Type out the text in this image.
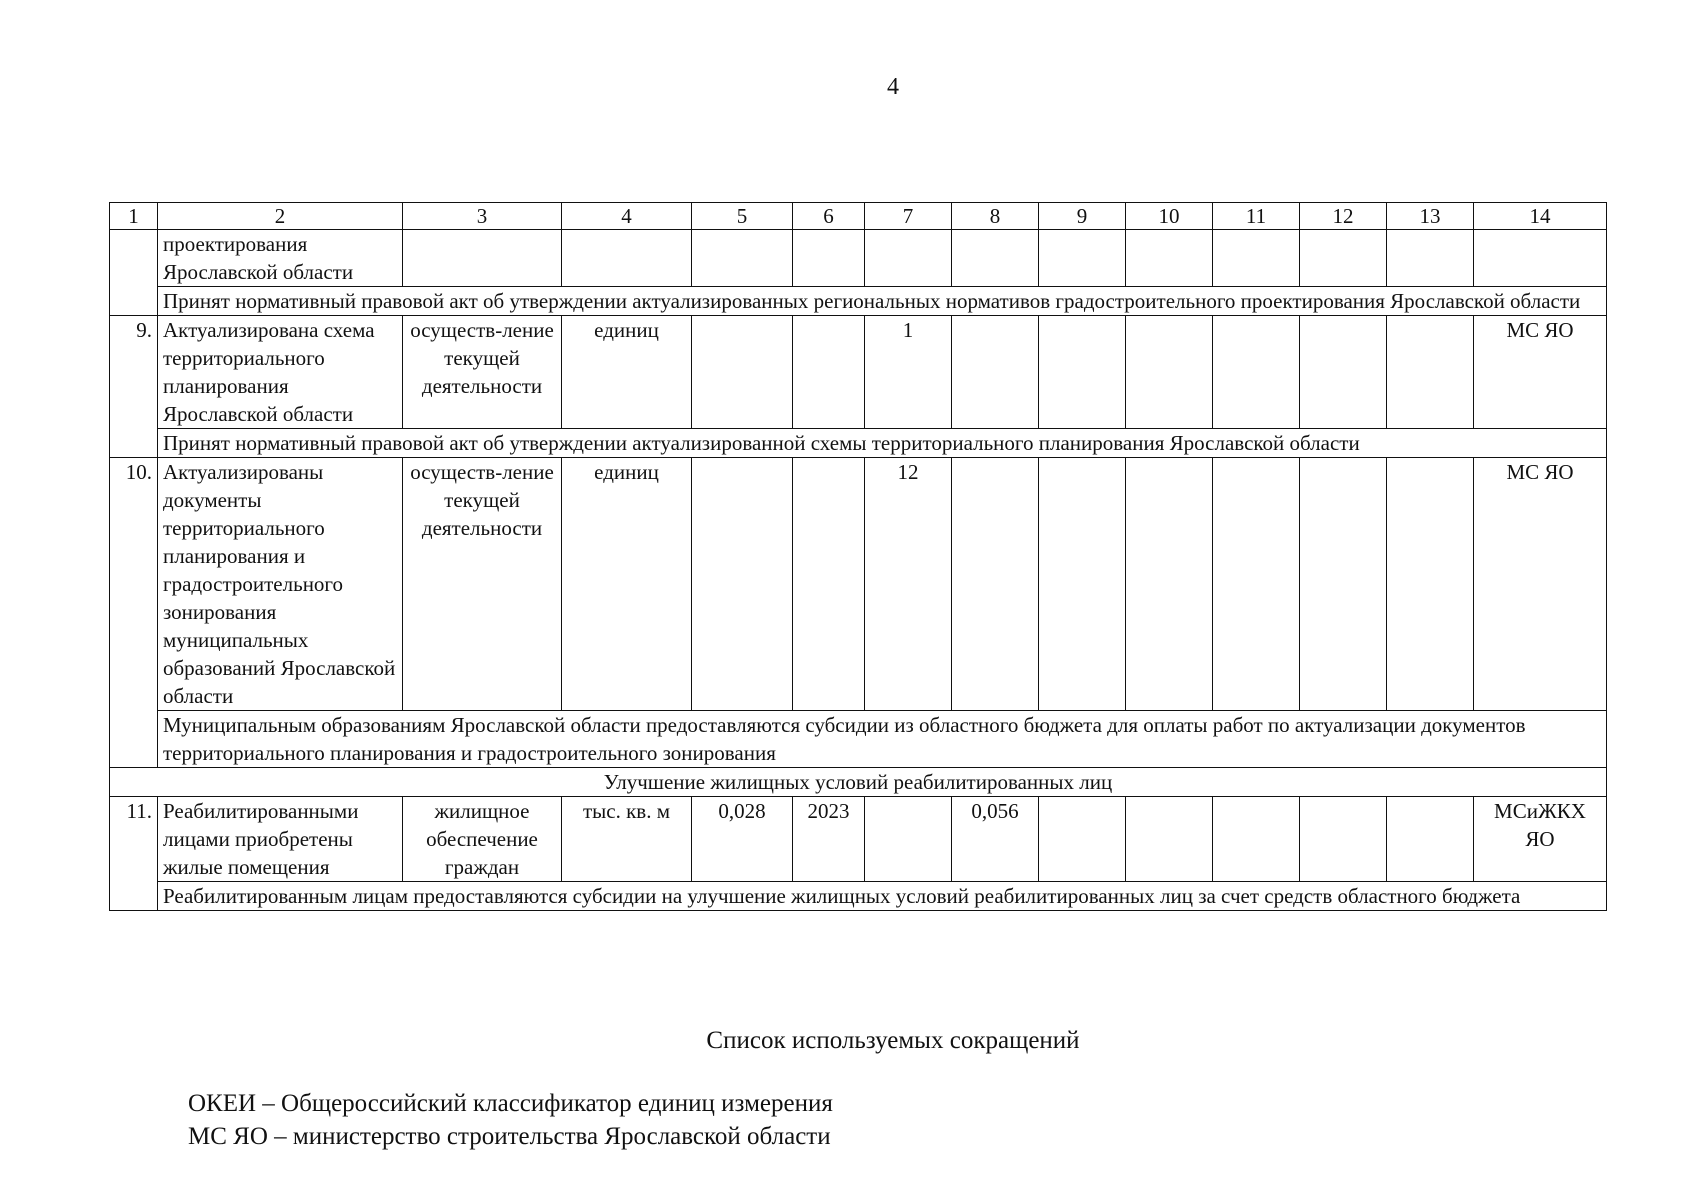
4
1	2	3	4	5	6	7	8	9	10	11	12	13	14
	проектирования Ярославской области												
	Принят нормативный правовой акт об утверждении актуализированных региональных нормативов градостроительного проектирования Ярославской области												
9.	Актуализирована схема территориального планирования Ярославской области	осуществ-ление текущей деятельности	единиц			1							МС ЯО
	Принят нормативный правовой акт об утверждении актуализированной схемы территориального планирования Ярославской области												
10.	Актуализированы документы территориального планирования и градостроительного зонирования муниципальных образований Ярославской области	осуществ-ление текущей деятельности	единиц			12							МС ЯО
	Муниципальным образованиям Ярославской области предоставляются субсидии из областного бюджета для оплаты работ по актуализации документов территориального планирования и градостроительного зонирования												
Улучшение жилищных условий реабилитированных лиц													
11.	Реабилитированными лицами приобретены жилые помещения	жилищное обеспечение граждан	тыс. кв. м	0,028	2023		0,056						МСиЖКХ ЯО
	Реабилитированным лицам предоставляются субсидии на улучшение жилищных условий реабилитированных лиц за счет средств областного бюджета												
Список используемых сокращений
ОКЕИ – Общероссийский классификатор единиц измерения
МС ЯО – министерство строительства Ярославской области
